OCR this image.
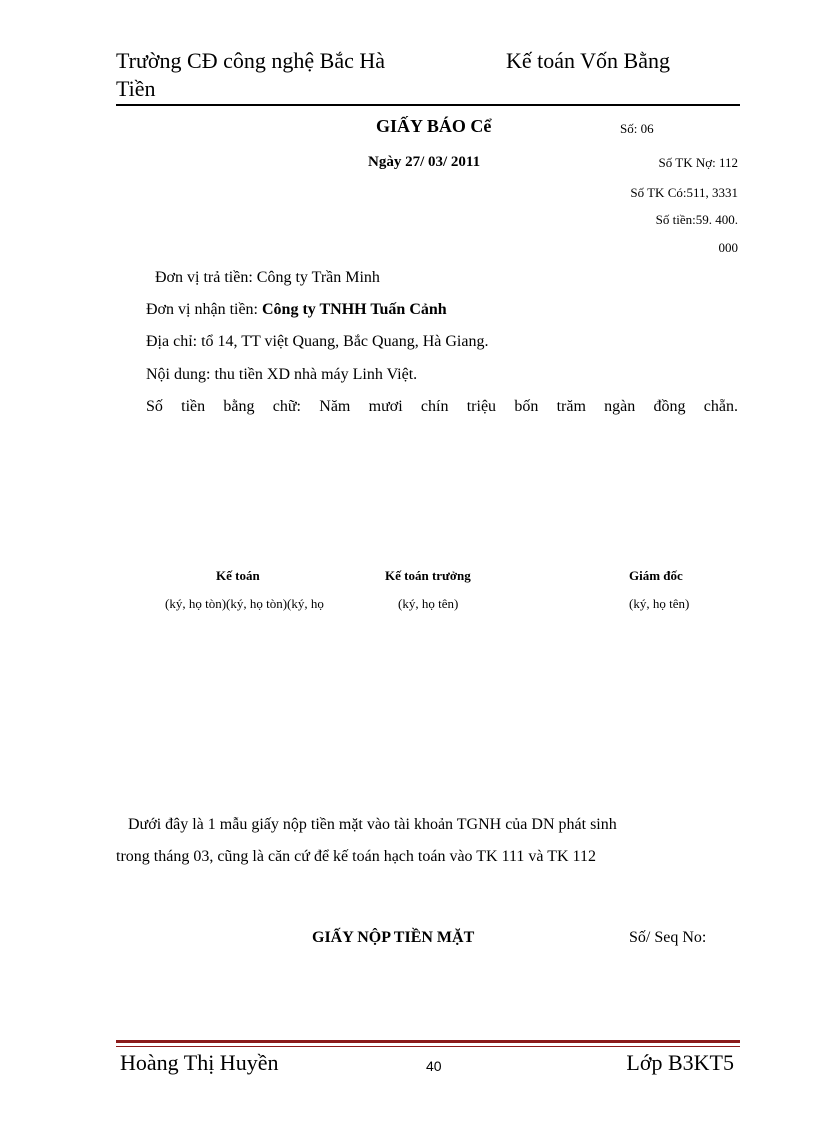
Trường CĐ công nghệ Bắc Hà
Tiền
Kế toán Vốn Bằng
GIẤY BÁO Cể	Số: 06
Ngày 27/ 03/ 2011	Số TK Nợ: 112
Số TK Có:511, 3331
Số tiền:59. 400.
000
Đơn vị trả tiền: Công ty Trần Minh
Đơn vị nhận tiền: Công ty TNHH Tuấn Cảnh
Địa chỉ: tổ 14, TT việt Quang, Bắc Quang, Hà Giang.
Nội dung: thu tiền XD nhà máy Linh Việt.
Số tiền bằng chữ: Năm mươi chín triệu bốn trăm ngàn đồng chẵn.
Kế toán	Kế toán trưởng	Giám đốc
(ký, họ tòn)(ký, họ tòn)(ký, họ	(ký, họ tên)	(ký, họ tên)
Dưới đây là 1 mẫu giấy nộp tiền mặt vào tài khoản TGNH của DN phát sinh
trong tháng 03, cũng là căn cứ để kế toán hạch toán vào TK 111 và TK 112
GIẤY NỘP TIỀN MẶT	Số/ Seq No:
Hoàng Thị Huyền	40	Lớp B3KT5
